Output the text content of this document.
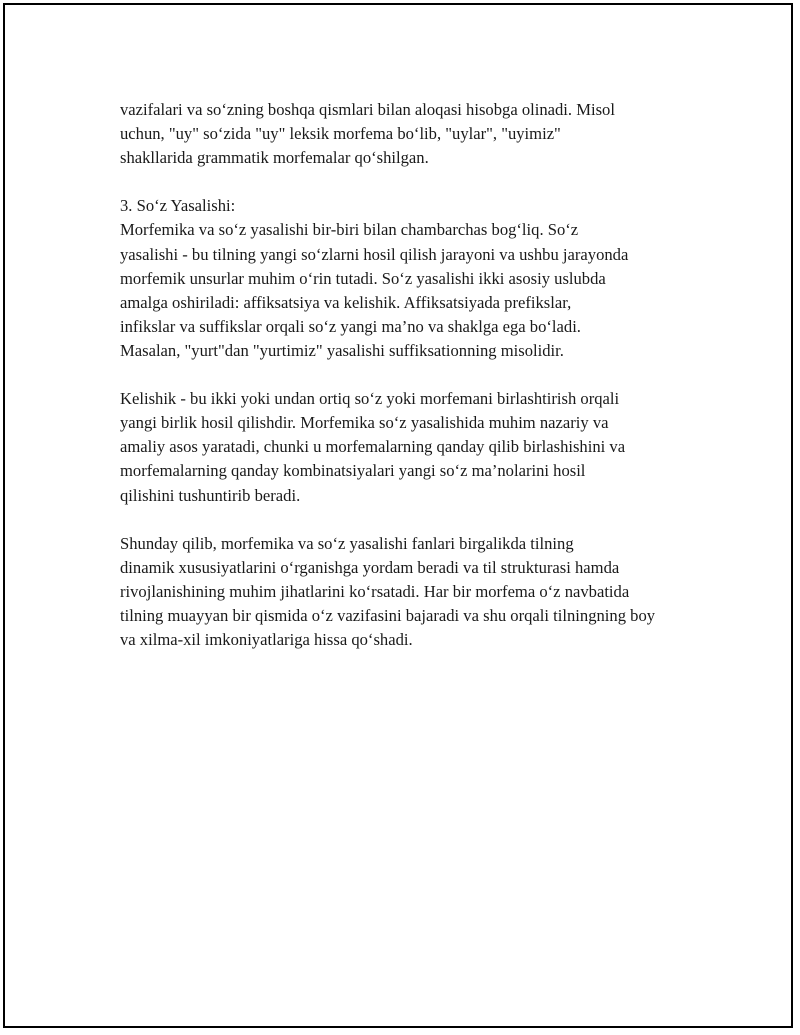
vazifalari va so‘zning boshqa qismlari bilan aloqasi hisobga olinadi. Misol
uchun, "uy" so‘zida "uy" leksik morfema bo‘lib, "uylar", "uyimiz"
shakllarida grammatik morfemalar qo‘shilgan.

3. So‘z Yasalishi:
Morfemika va so‘z yasalishi bir-biri bilan chambarchas bog‘liq. So‘z
yasalishi - bu tilning yangi so‘zlarni hosil qilish jarayoni va ushbu jarayonda
morfemik unsurlar muhim o‘rin tutadi. So‘z yasalishi ikki asosiy uslubda
amalga oshiriladi: affiksatsiya va kelishik. Affiksatsiyada prefikslar,
infikslar va suffikslar orqali so‘z yangi ma’no va shaklga ega bo‘ladi.
Masalan, "yurt"dan "yurtimiz" yasalishi suffiksationning misolidir.

Kelishik - bu ikki yoki undan ortiq so‘z yoki morfemani birlashtirish orqali
yangi birlik hosil qilishdir. Morfemika so‘z yasalishida muhim nazariy va
amaliy asos yaratadi, chunki u morfemalarning qanday qilib birlashishini va
morfemalarning qanday kombinatsiyalari yangi so‘z ma’nolarini hosil
qilishini tushuntirib beradi.

Shunday qilib, morfemika va so‘z yasalishi fanlari birgalikda tilning
dinamik xususiyatlarini o‘rganishga yordam beradi va til strukturasi hamda
rivojlanishining muhim jihatlarini ko‘rsatadi. Har bir morfema o‘z navbatida
tilning muayyan bir qismida o‘z vazifasini bajaradi va shu orqali tilningning boy
va xilma-xil imkoniyatlariga hissa qo‘shadi.
